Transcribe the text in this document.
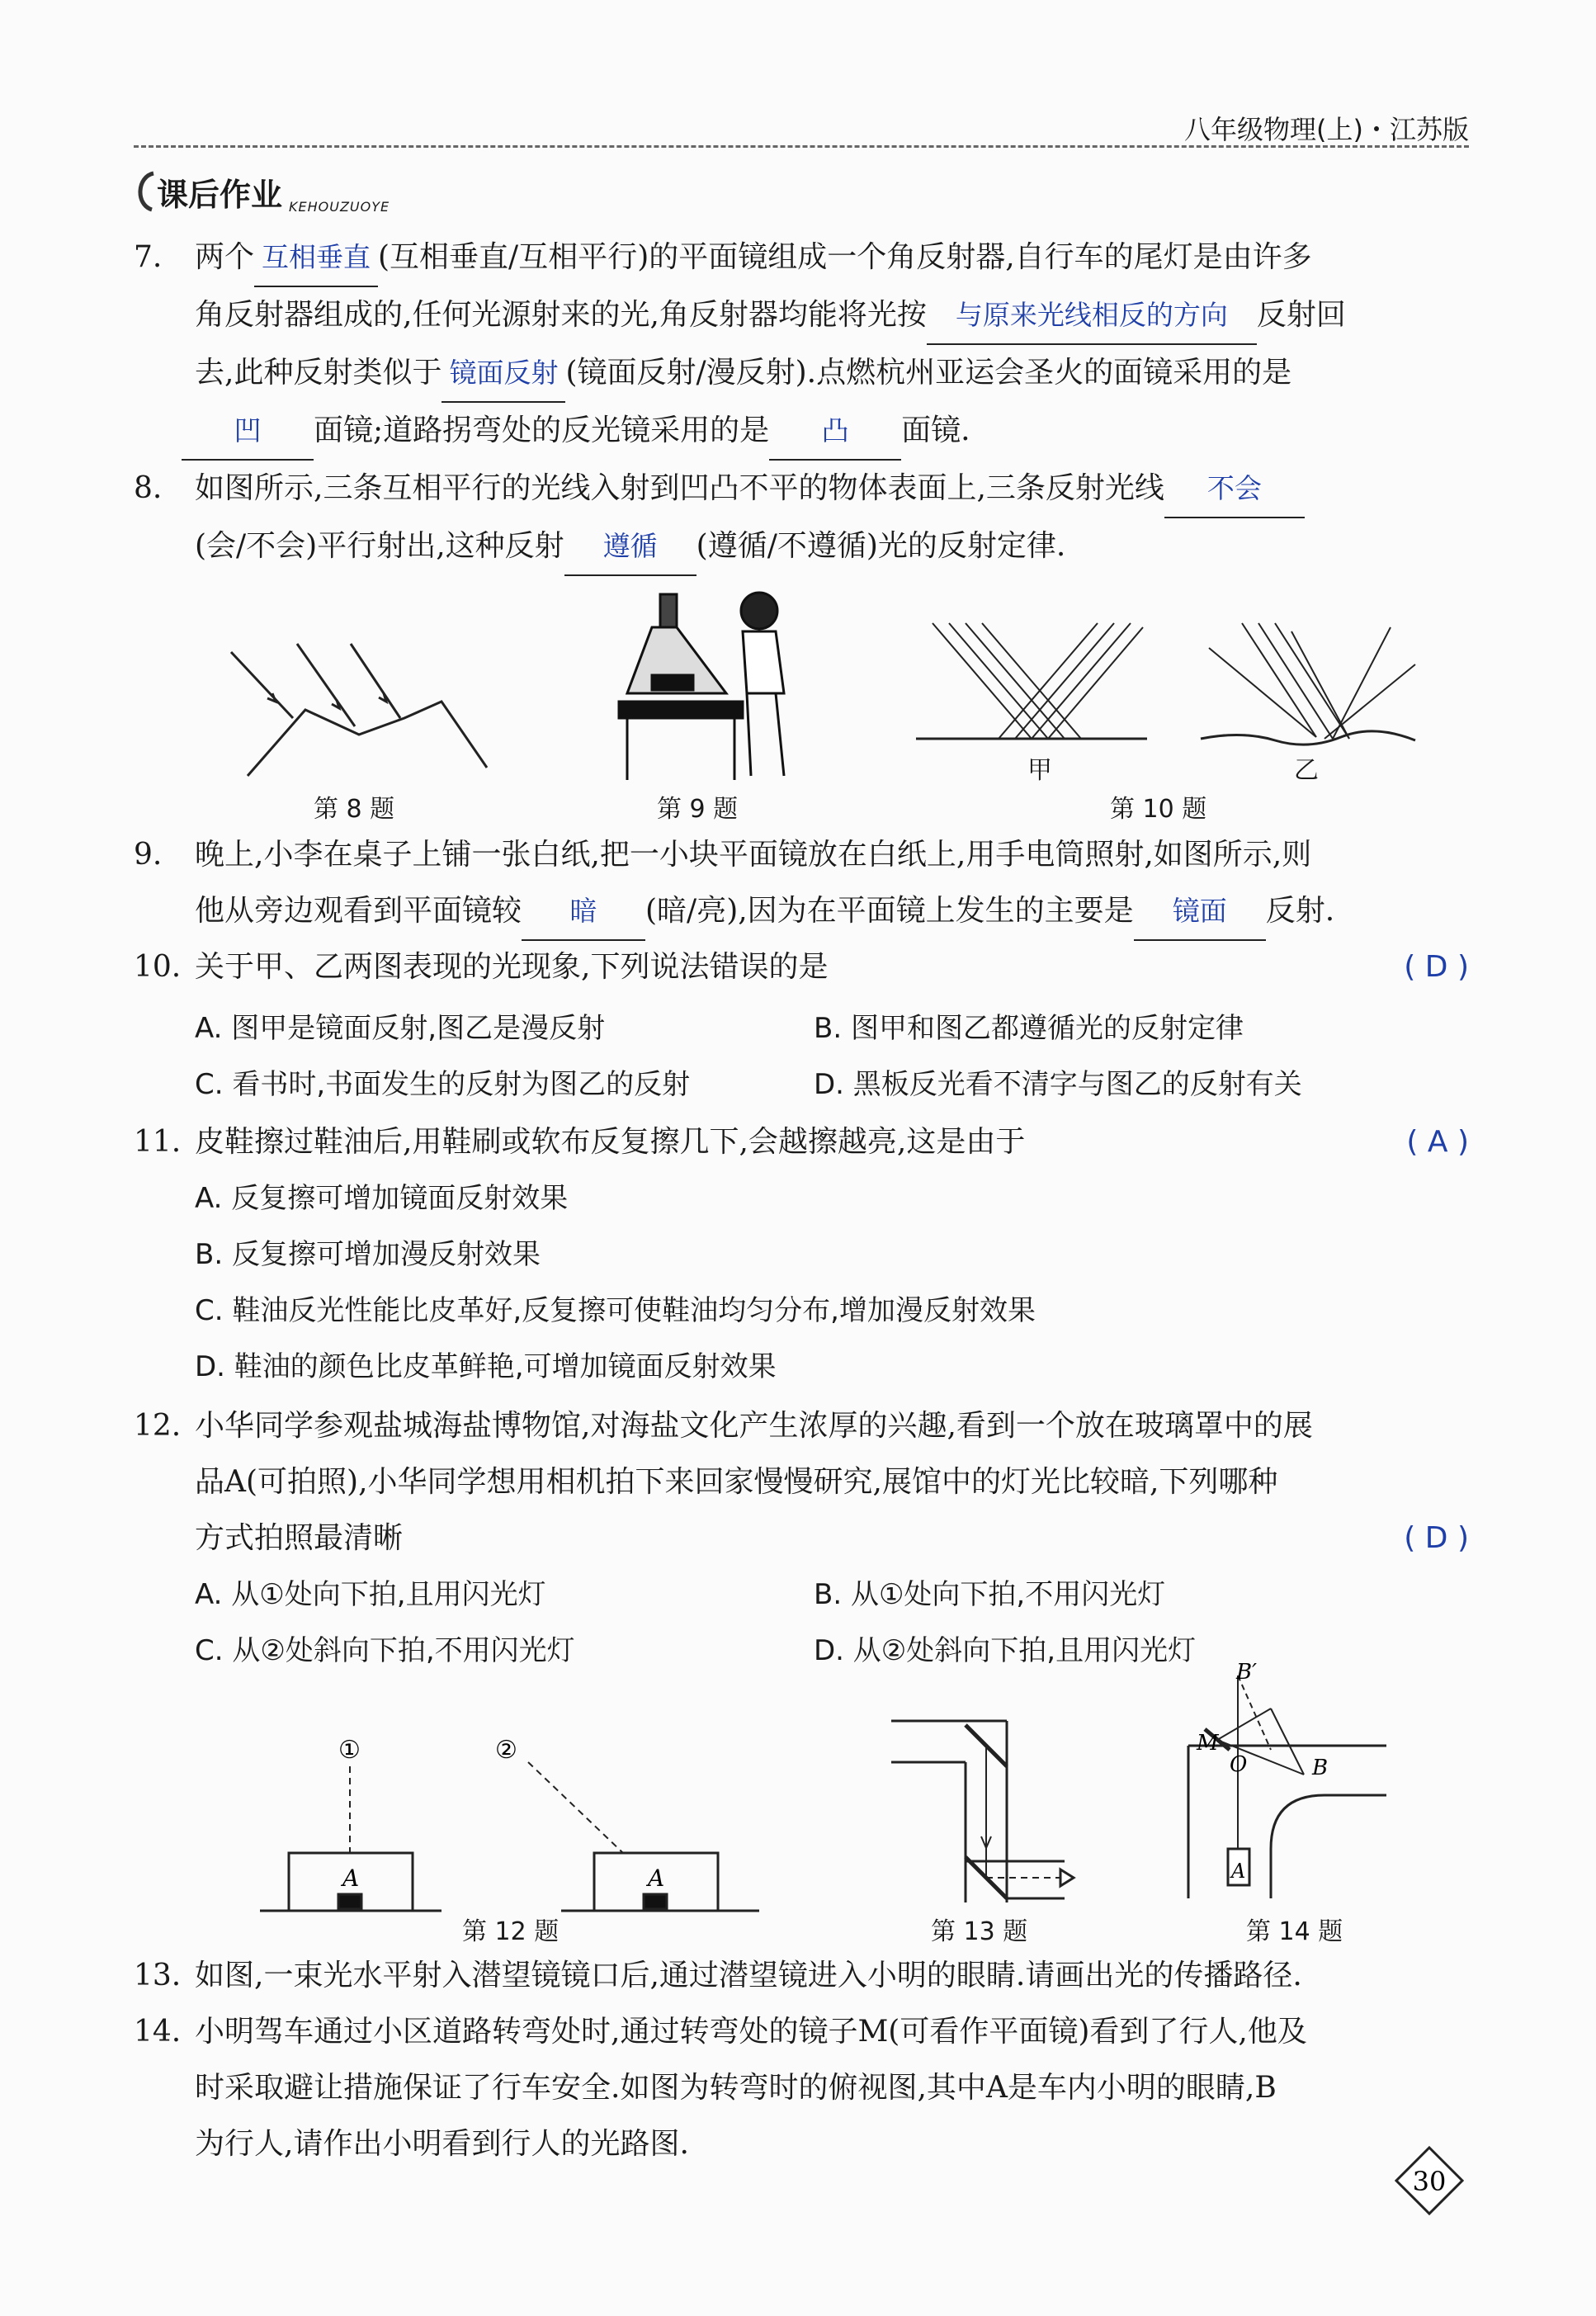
八年级物理(上)・江苏版
课后作业 KEHOUZUOYE
7. 两个 互相垂直 (互相垂直/互相平行)的平面镜组成一个角反射器,自行车的尾灯是由许多
角反射器组成的,任何光源射来的光,角反射器均能将光按 与原来光线相反的方向 反射回
去,此种反射类似于 镜面反射 (镜面反射/漫反射).点燃杭州亚运会圣火的面镜采用的是
凹 面镜;道路拐弯处的反光镜采用的是 凸 面镜.
8. 如图所示,三条互相平行的光线入射到凹凸不平的物体表面上,三条反射光线 不会
(会/不会)平行射出,这种反射 遵循 (遵循/不遵循)光的反射定律.
第 8 题	第 9 题
甲	乙
第 10 题
9. 晚上,小李在桌子上铺一张白纸,把一小块平面镜放在白纸上,用手电筒照射,如图所示,则
他从旁边观看到平面镜较 暗 (暗/亮),因为在平面镜上发生的主要是 镜面 反射.
10. 关于甲、乙两图表现的光现象,下列说法错误的是	( D )
A. 图甲是镜面反射,图乙是漫反射	B. 图甲和图乙都遵循光的反射定律
C. 看书时,书面发生的反射为图乙的反射	D. 黑板反光看不清字与图乙的反射有关
11. 皮鞋擦过鞋油后,用鞋刷或软布反复擦几下,会越擦越亮,这是由于	( A )
A. 反复擦可增加镜面反射效果
B. 反复擦可增加漫反射效果
C. 鞋油反光性能比皮革好,反复擦可使鞋油均匀分布,增加漫反射效果
D. 鞋油的颜色比皮革鲜艳,可增加镜面反射效果
12. 小华同学参观盐城海盐博物馆,对海盐文化产生浓厚的兴趣,看到一个放在玻璃罩中的展
品A(可拍照),小华同学想用相机拍下来回家慢慢研究,展馆中的灯光比较暗,下列哪种
方式拍照最清晰	( D )
A. 从①处向下拍,且用闪光灯	B. 从①处向下拍,不用闪光灯
C. 从②处斜向下拍,不用闪光灯	D. 从②处斜向下拍,且用闪光灯
①	②
A	A
第 12 题	第 13 题
B′
M
O	B
A
第 14 题
13. 如图,一束光水平射入潜望镜镜口后,通过潜望镜进入小明的眼睛.请画出光的传播路径.
14. 小明驾车通过小区道路转弯处时,通过转弯处的镜子M(可看作平面镜)看到了行人,他及
时采取避让措施保证了行车安全.如图为转弯时的俯视图,其中A是车内小明的眼睛,B
为行人,请作出小明看到行人的光路图.
30
